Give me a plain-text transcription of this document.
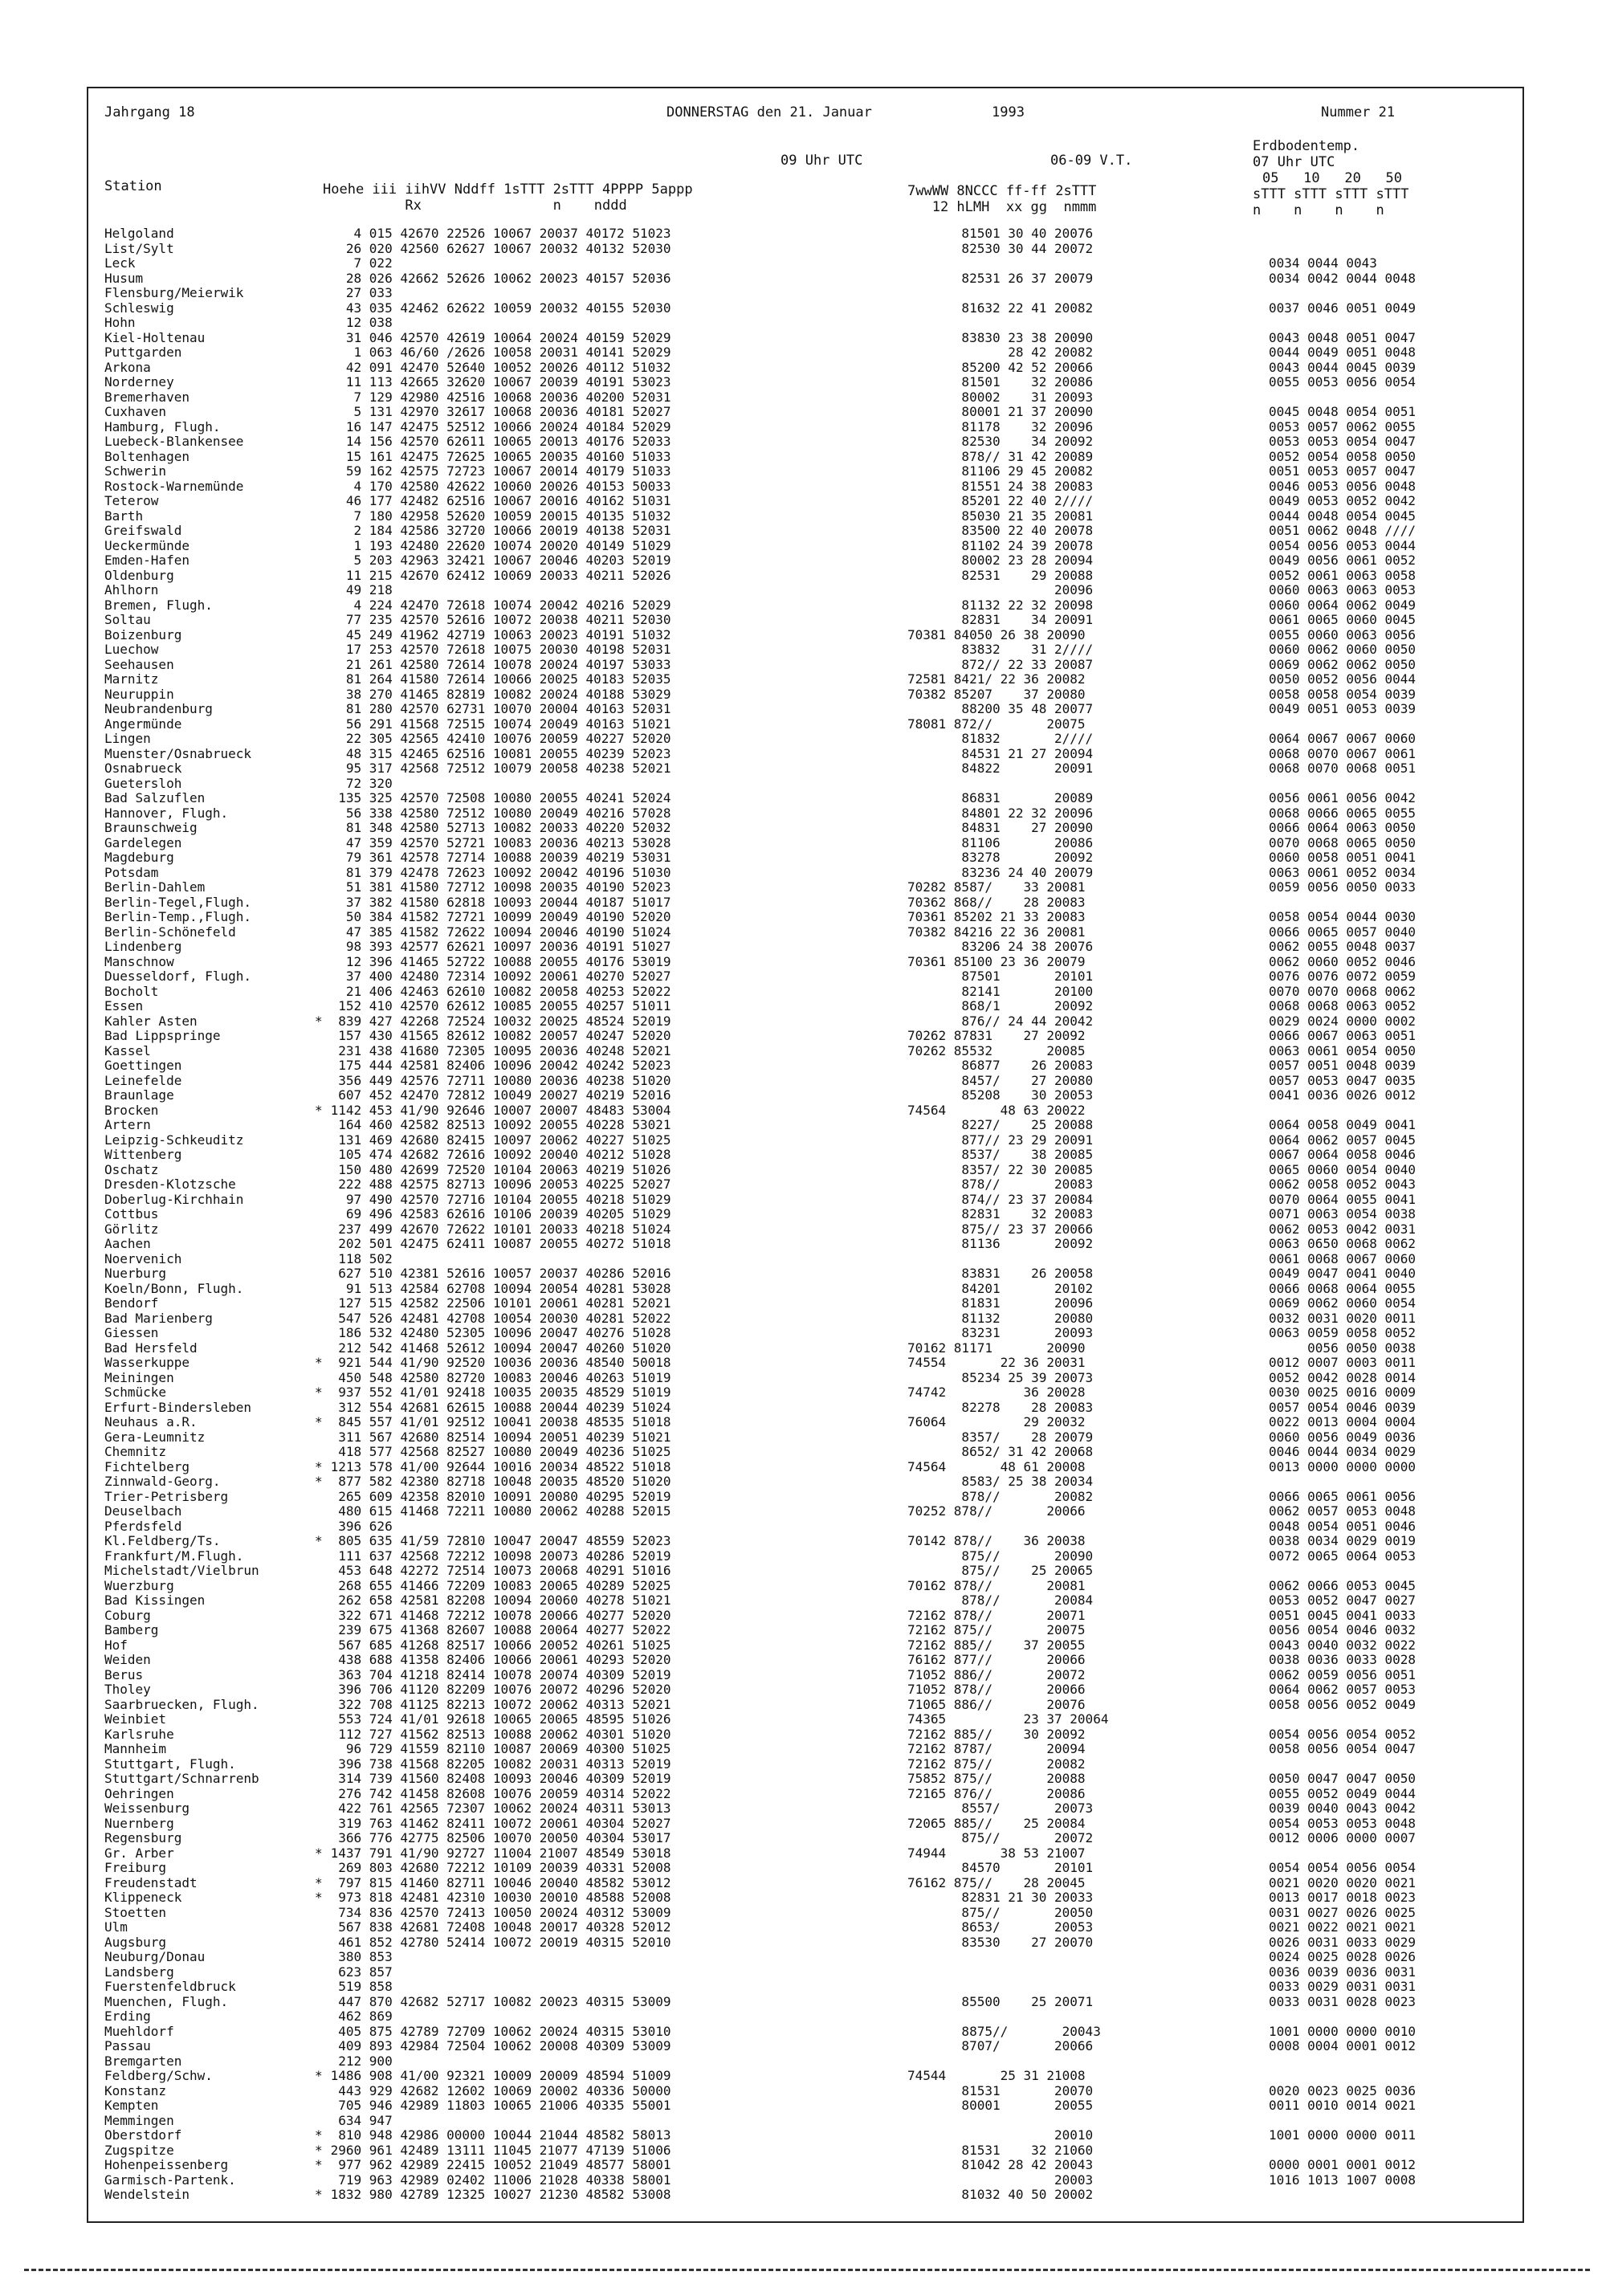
Jahrgang 18	DONNERSTAG den 21. Januar	1993	Nummer 21
09 Uhr UTC	06-09 V.T.
Erdbodentemp.
07 Uhr UTC
05   10   20   50
Station	Hoehe iii iihVV Nddff 1sTTT 2sTTT 4PPPP 5appp
Rx                n    nddd
7wwWW 8NCCC ff-ff 2sTTT
12 hLMH  xx gg  nmmm
sTTT sTTT sTTT sTTT
n    n    n    n
Helgoland	4 015 42670 22526 10067 20037 40172 51023	81501 30 40 20076
List/Sylt	26 020 42560 62627 10067 20032 40132 52030	82530 30 44 20072
Leck	7 022	0034 0044 0043
Husum	28 026 42662 52626 10062 20023 40157 52036	82531 26 37 20079	0034 0042 0044 0048
Flensburg/Meierwik	27 033
Schleswig	43 035 42462 62622 10059 20032 40155 52030	81632 22 41 20082	0037 0046 0051 0049
Hohn	12 038
Kiel-Holtenau	31 046 42570 42619 10064 20024 40159 52029	83830 23 38 20090	0043 0048 0051 0047
Puttgarden	1 063 46/60 /2626 10058 20031 40141 52029	28 42 20082	0044 0049 0051 0048
Arkona	42 091 42470 52640 10052 20026 40112 51032	85200 42 52 20066	0043 0044 0045 0039
Norderney	11 113 42665 32620 10067 20039 40191 53023	81501    32 20086	0055 0053 0056 0054
Bremerhaven	7 129 42980 42516 10068 20036 40200 52031	80002    31 20093
Cuxhaven	5 131 42970 32617 10068 20036 40181 52027	80001 21 37 20090	0045 0048 0054 0051
Hamburg, Flugh.	16 147 42475 52512 10066 20024 40184 52029	81178    32 20096	0053 0057 0062 0055
Luebeck-Blankensee	14 156 42570 62611 10065 20013 40176 52033	82530    34 20092	0053 0053 0054 0047
Boltenhagen	15 161 42475 72625 10065 20035 40160 51033	878// 31 42 20089	0052 0054 0058 0050
Schwerin	59 162 42575 72723 10067 20014 40179 51033	81106 29 45 20082	0051 0053 0057 0047
Rostock-Warnemünde	4 170 42580 42622 10060 20026 40153 50033	81551 24 38 20083	0046 0053 0056 0048
Teterow	46 177 42482 62516 10067 20016 40162 51031	85201 22 40 2////	0049 0053 0052 0042
Barth	7 180 42958 52620 10059 20015 40135 51032	85030 21 35 20081	0044 0048 0054 0045
Greifswald	2 184 42586 32720 10066 20019 40138 52031	83500 22 40 20078	0051 0062 0048 ////
Ueckermünde	1 193 42480 22620 10074 20020 40149 51029	81102 24 39 20078	0054 0056 0053 0044
Emden-Hafen	5 203 42963 32421 10067 20046 40203 52019	80002 23 28 20094	0049 0056 0061 0052
Oldenburg	11 215 42670 62412 10069 20033 40211 52026	82531    29 20088	0052 0061 0063 0058
Ahlhorn	49 218	20096	0060 0063 0063 0053
Bremen, Flugh.	4 224 42470 72618 10074 20042 40216 52029	81132 22 32 20098	0060 0064 0062 0049
Soltau	77 235 42570 52616 10072 20038 40211 52030	82831    34 20091	0061 0065 0060 0045
Boizenburg	45 249 41962 42719 10063 20023 40191 51032	70381 84050 26 38 20090	0055 0060 0063 0056
Luechow	17 253 42570 72618 10075 20030 40198 52031	83832    31 2////	0060 0062 0060 0050
Seehausen	21 261 42580 72614 10078 20024 40197 53033	872// 22 33 20087	0069 0062 0062 0050
Marnitz	81 264 41580 72614 10066 20025 40183 52035	72581 8421/ 22 36 20082	0050 0052 0056 0044
Neuruppin	38 270 41465 82819 10082 20024 40188 53029	70382 85207    37 20080	0058 0058 0054 0039
Neubrandenburg	81 280 42570 62731 10070 20004 40163 52031	88200 35 48 20077	0049 0051 0053 0039
Angermünde	56 291 41568 72515 10074 20049 40163 51021	78081 872//       20075
Lingen	22 305 42565 42410 10076 20059 40227 52020	81832       2////	0064 0067 0067 0060
Muenster/Osnabrueck	48 315 42465 62516 10081 20055 40239 52023	84531 21 27 20094	0068 0070 0067 0061
Osnabrueck	95 317 42568 72512 10079 20058 40238 52021	84822       20091	0068 0070 0068 0051
Guetersloh	72 320
Bad Salzuflen	135 325 42570 72508 10080 20055 40241 52024	86831       20089	0056 0061 0056 0042
Hannover, Flugh.	56 338 42580 72512 10080 20049 40216 57028	84801 22 32 20096	0068 0066 0065 0055
Braunschweig	81 348 42580 52713 10082 20033 40220 52032	84831    27 20090	0066 0064 0063 0050
Gardelegen	47 359 42570 52721 10083 20036 40213 53028	81106       20086	0070 0068 0065 0050
Magdeburg	79 361 42578 72714 10088 20039 40219 53031	83278       20092	0060 0058 0051 0041
Potsdam	81 379 42478 72623 10092 20042 40196 51030	83236 24 40 20079	0063 0061 0052 0034
Berlin-Dahlem	51 381 41580 72712 10098 20035 40190 52023	70282 8587/    33 20081	0059 0056 0050 0033
Berlin-Tegel,Flugh.	37 382 41580 62818 10093 20044 40187 51017	70362 868//    28 20083
Berlin-Temp.,Flugh.	50 384 41582 72721 10099 20049 40190 52020	70361 85202 21 33 20083	0058 0054 0044 0030
Berlin-Schönefeld	47 385 41582 72622 10094 20046 40190 51024	70382 84216 22 36 20081	0066 0065 0057 0040
Lindenberg	98 393 42577 62621 10097 20036 40191 51027	83206 24 38 20076	0062 0055 0048 0037
Manschnow	12 396 41465 52722 10088 20055 40176 53019	70361 85100 23 36 20079	0062 0060 0052 0046
Duesseldorf, Flugh.	37 400 42480 72314 10092 20061 40270 52027	87501       20101	0076 0076 0072 0059
Bocholt	21 406 42463 62610 10082 20058 40253 52022	82141       20100	0070 0070 0068 0062
Essen	152 410 42570 62612 10085 20055 40257 51011	868/1       20092	0068 0068 0063 0052
Kahler Asten	* 839 427 42268 72524 10032 20025 48524 52019	876// 24 44 20042	0029 0024 0000 0002
Bad Lippspringe	157 430 41565 82612 10082 20057 40247 52020	70262 87831    27 20092	0066 0067 0063 0051
Kassel	231 438 41680 72305 10095 20036 40248 52021	70262 85532       20085	0063 0061 0054 0050
Goettingen	175 444 42581 82406 10096 20042 40242 52023	86877    26 20083	0057 0051 0048 0039
Leinefelde	356 449 42576 72711 10080 20036 40238 51020	8457/    27 20080	0057 0053 0047 0035
Braunlage	607 452 42470 72812 10049 20027 40219 52016	85208    30 20053	0041 0036 0026 0012
Brocken	* 1142 453 41/90 92646 10007 20007 48483 53004	74564       48 63 20022
Artern	164 460 42582 82513 10092 20055 40228 53021	8227/    25 20088	0064 0058 0049 0041
Leipzig-Schkeuditz	131 469 42680 82415 10097 20062 40227 51025	877// 23 29 20091	0064 0062 0057 0045
Wittenberg	105 474 42682 72616 10092 20040 40212 51028	8537/    38 20085	0067 0064 0058 0046
Oschatz	150 480 42699 72520 10104 20063 40219 51026	8357/ 22 30 20085	0065 0060 0054 0040
Dresden-Klotzsche	222 488 42575 82713 10096 20053 40225 52027	878//       20083	0062 0058 0052 0043
Doberlug-Kirchhain	97 490 42570 72716 10104 20055 40218 51029	874// 23 37 20084	0070 0064 0055 0041
Cottbus	69 496 42583 62616 10106 20039 40205 51029	82831    32 20083	0071 0063 0054 0038
Görlitz	237 499 42670 72622 10101 20033 40218 51024	875// 23 37 20066	0062 0053 0042 0031
Aachen	202 501 42475 62411 10087 20055 40272 51018	81136       20092	0063 0650 0068 0062
Noervenich	118 502	0061 0068 0067 0060
Nuerburg	627 510 42381 52616 10057 20037 40286 52016	83831    26 20058	0049 0047 0041 0040
Koeln/Bonn, Flugh.	91 513 42584 62708 10094 20054 40281 53028	84201       20102	0066 0068 0064 0055
Bendorf	127 515 42582 22506 10101 20061 40281 52021	81831       20096	0069 0062 0060 0054
Bad Marienberg	547 526 42481 42708 10054 20030 40281 52022	81132       20080	0032 0031 0020 0011
Giessen	186 532 42480 52305 10096 20047 40276 51028	83231       20093	0063 0059 0058 0052
Bad Hersfeld	212 542 41468 52612 10094 20047 40260 51020	70162 81171       20090	0056 0050 0038
Wasserkuppe	* 921 544 41/90 92520 10036 20036 48540 50018	74554       22 36 20031	0012 0007 0003 0011
Meiningen	450 548 42580 82720 10083 20046 40263 51019	85234 25 39 20073	0052 0042 0028 0014
Schmücke	* 937 552 41/01 92418 10035 20035 48529 51019	74742          36 20028	0030 0025 0016 0009
Erfurt-Bindersleben	312 554 42681 62615 10088 20044 40239 51024	82278    28 20083	0057 0054 0046 0039
Neuhaus a.R.	* 845 557 41/01 92512 10041 20038 48535 51018	76064          29 20032	0022 0013 0004 0004
Gera-Leumnitz	311 567 42680 82514 10094 20051 40239 51021	8357/    28 20079	0060 0056 0049 0036
Chemnitz	418 577 42568 82527 10080 20049 40236 51025	8652/ 31 42 20068	0046 0044 0034 0029
Fichtelberg	* 1213 578 41/00 92644 10016 20034 48522 51018	74564       48 61 20008	0013 0000 0000 0000
Zinnwald-Georg.	* 877 582 42380 82718 10048 20035 48520 51020	8583/ 25 38 20034
Trier-Petrisberg	265 609 42358 82010 10091 20080 40295 52019	878//       20082	0066 0065 0061 0056
Deuselbach	480 615 41468 72211 10080 20062 40288 52015	70252 878//       20066	0062 0057 0053 0048
Pferdsfeld	396 626	0048 0054 0051 0046
Kl.Feldberg/Ts.	* 805 635 41/59 72810 10047 20047 48559 52023	70142 878//    36 20038	0038 0034 0029 0019
Frankfurt/M.Flugh.	111 637 42568 72212 10098 20073 40286 52019	875//       20090	0072 0065 0064 0053
Michelstadt/Vielbrun	453 648 42272 72514 10073 20068 40291 51016	875//    25 20065
Wuerzburg	268 655 41466 72209 10083 20065 40289 52025	70162 878//       20081	0062 0066 0053 0045
Bad Kissingen	262 658 42581 82208 10094 20060 40278 51021	878//       20084	0053 0052 0047 0027
Coburg	322 671 41468 72212 10078 20066 40277 52020	72162 878//       20071	0051 0045 0041 0033
Bamberg	239 675 41368 82607 10088 20064 40277 52022	72162 875//       20075	0056 0054 0046 0032
Hof	567 685 41268 82517 10066 20052 40261 51025	72162 885//    37 20055	0043 0040 0032 0022
Weiden	438 688 41358 82406 10066 20061 40293 52020	76162 877//       20066	0038 0036 0033 0028
Berus	363 704 41218 82414 10078 20074 40309 52019	71052 886//       20072	0062 0059 0056 0051
Tholey	396 706 41120 82209 10076 20072 40296 52020	71052 878//       20066	0064 0062 0057 0053
Saarbruecken, Flugh.	322 708 41125 82213 10072 20062 40313 52021	71065 886//       20076	0058 0056 0052 0049
Weinbiet	553 724 41/01 92618 10065 20065 48595 51026	74365          23 37 20064
Karlsruhe	112 727 41562 82513 10088 20062 40301 51020	72162 885//    30 20092	0054 0056 0054 0052
Mannheim	96 729 41559 82110 10087 20069 40300 51025	72162 8787/       20094	0058 0056 0054 0047
Stuttgart, Flugh.	396 738 41568 82205 10082 20031 40313 52019	72162 875//       20082
Stuttgart/Schnarrenb	314 739 41560 82408 10093 20046 40309 52019	75852 875//       20088	0050 0047 0047 0050
Oehringen	276 742 41458 82608 10076 20059 40314 52022	72165 876//       20086	0055 0052 0049 0044
Weissenburg	422 761 42565 72307 10062 20024 40311 53013	8557/       20073	0039 0040 0043 0042
Nuernberg	319 763 41462 82411 10072 20061 40304 52027	72065 885//    25 20084	0054 0053 0053 0048
Regensburg	366 776 42775 82506 10070 20050 40304 53017	875//       20072	0012 0006 0000 0007
Gr. Arber	* 1437 791 41/90 92727 11004 21007 48549 53018	74944       38 53 21007
Freiburg	269 803 42680 72212 10109 20039 40331 52008	84570       20101	0054 0054 0056 0054
Freudenstadt	* 797 815 41460 82711 10046 20040 48582 53012	76162 875//    28 20045	0021 0020 0020 0021
Klippeneck	* 973 818 42481 42310 10030 20010 48588 52008	82831 21 30 20033	0013 0017 0018 0023
Stoetten	734 836 42570 72413 10050 20024 40312 53009	875//       20050	0031 0027 0026 0025
Ulm	567 838 42681 72408 10048 20017 40328 52012	8653/       20053	0021 0022 0021 0021
Augsburg	461 852 42780 52414 10072 20019 40315 52010	83530    27 20070	0026 0031 0033 0029
Neuburg/Donau	380 853	0024 0025 0028 0026
Landsberg	623 857	0036 0039 0036 0031
Fuerstenfeldbruck	519 858	0033 0029 0031 0031
Muenchen, Flugh.	447 870 42682 52717 10082 20023 40315 53009	85500    25 20071	0033 0031 0028 0023
Erding	462 869
Muehldorf	405 875 42789 72709 10062 20024 40315 53010	8875//       20043	1001 0000 0000 0010
Passau	409 893 42984 72504 10062 20008 40309 53009	8707/       20066	0008 0004 0001 0012
Bremgarten	212 900
Feldberg/Schw.	* 1486 908 41/00 92321 10009 20009 48594 51009	74544       25 31 21008
Konstanz	443 929 42682 12602 10069 20002 40336 50000	81531       20070	0020 0023 0025 0036
Kempten	705 946 42989 11803 10065 21006 40335 55001	80001       20055	0011 0010 0014 0021
Memmingen	634 947
Oberstdorf	* 810 948 42986 00000 10044 21044 48582 58013	20010	1001 0000 0000 0011
Zugspitze	* 2960 961 42489 13111 11045 21077 47139 51006	81531    32 21060
Hohenpeissenberg	* 977 962 42989 22415 10052 21049 48577 58001	81042 28 42 20043	0000 0001 0001 0012
Garmisch-Partenk.	719 963 42989 02402 11006 21028 40338 58001	20003	1016 1013 1007 0008
Wendelstein	* 1832 980 42789 12325 10027 21230 48582 53008	81032 40 50 20002
